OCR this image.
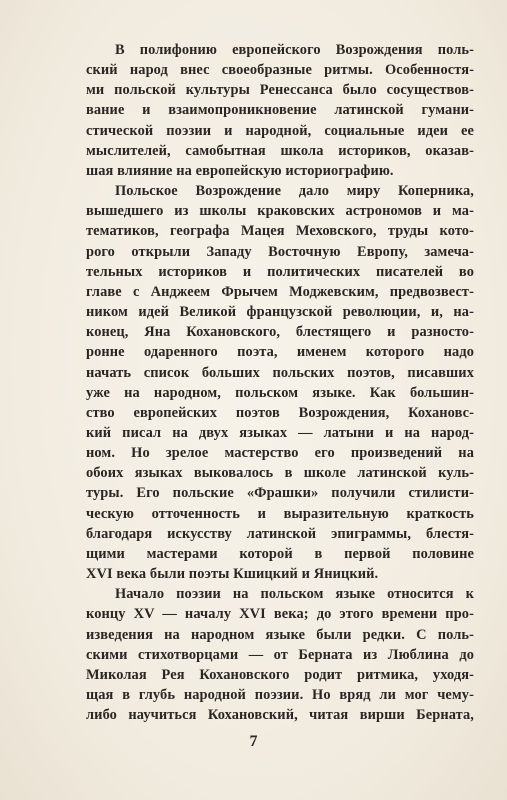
В полифонию европейского Возрождения поль-
ский народ внес своеобразные ритмы. Особенностя-
ми польской культуры Ренессанса было сосуществов-
вание и взаимопроникновение латинской гумани-
стической поэзии и народной, социальные идеи ее
мыслителей, самобытная школа историков, оказав-
шая влияние на европейскую историографию.

Польское Возрождение дало миру Коперника,
вышедшего из школы краковских астрономов и ма-
тематиков, географа Мацея Меховского, труды кото-
рого открыли Западу Восточную Европу, замеча-
тельных историков и политических писателей во
главе с Анджеем Фрычем Моджевским, предвозвест-
ником идей Великой французской революции, и, на-
конец, Яна Кохановского, блестящего и разносто-
ронне одаренного поэта, именем которого надо
начать список больших польских поэтов, писавших
уже на народном, польском языке. Как большин-
ство европейских поэтов Возрождения, Кохановс-
кий писал на двух языках — латыни и на народ-
ном. Но зрелое мастерство его произведений на
обоих языках выковалось в школе латинской куль-
туры. Его польские «Фрашки» получили стилисти-
ческую отточенность и выразительную краткость
благодаря искусству латинской эпиграммы, блестя-
щими мастерами которой в первой половине
XVI века были поэты Кшицкий и Яницкий.

Начало поэзии на польском языке относится к
концу XV — началу XVI века; до этого времени про-
изведения на народном языке были редки. С поль-
скими стихотворцами — от Берната из Люблина до
Миколая Рея Кохановского родит ритмика, уходя-
щая в глубь народной поэзии. Но вряд ли мог чему-
либо научиться Кохановский, читая вирши Берната,

7
